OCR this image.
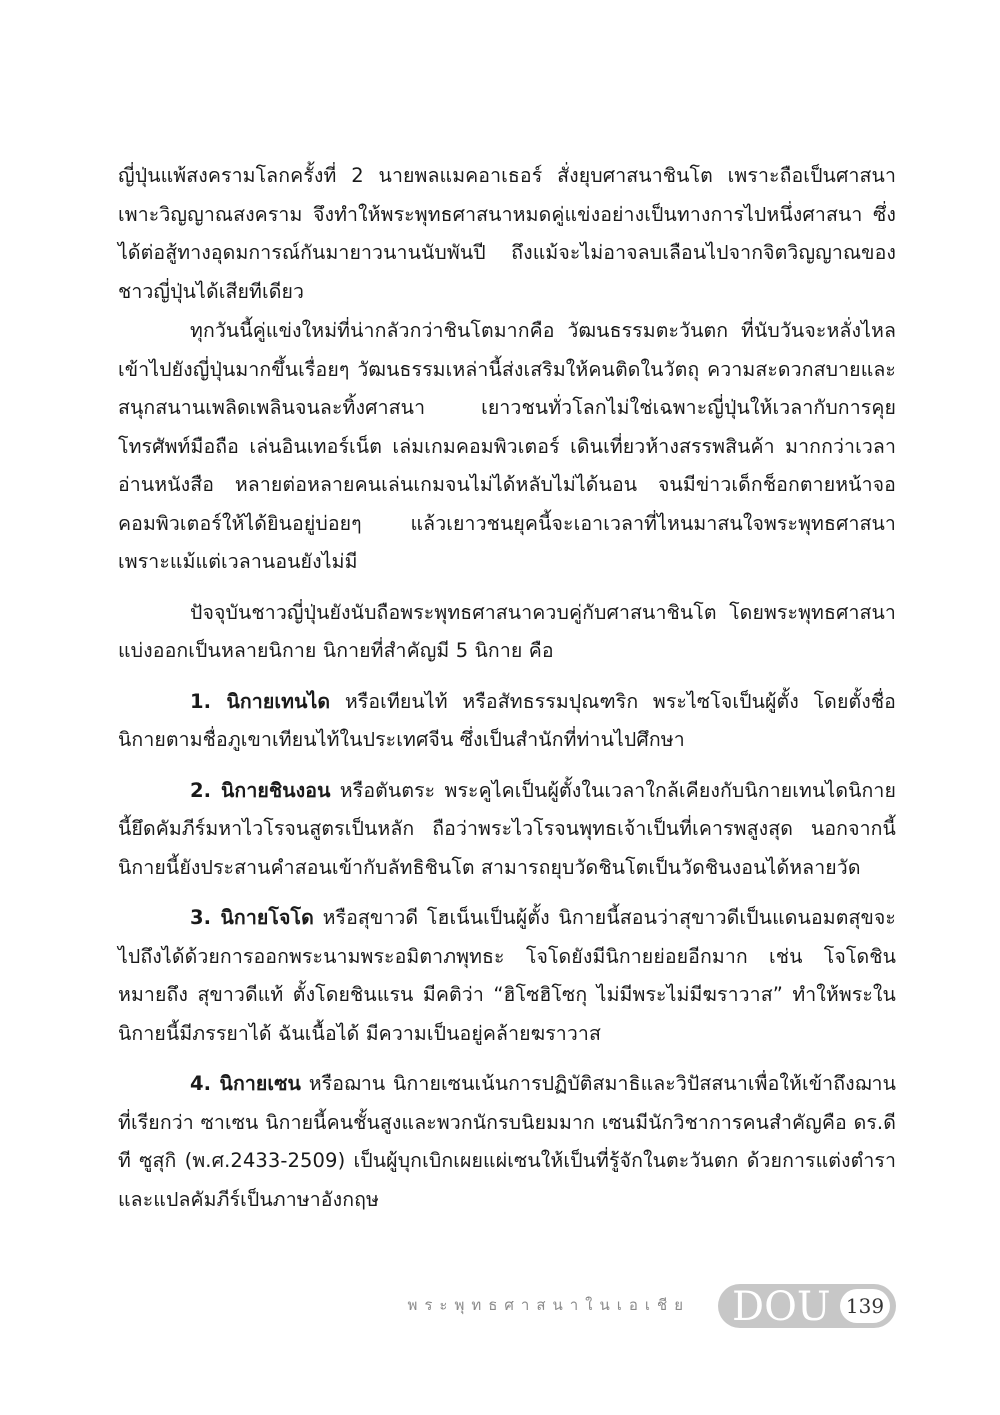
ญี่ปุ่นแพ้สงครามโลกครั้งที่ 2 นายพลแมคอาเธอร์ สั่งยุบศาสนาชินโต เพราะถือเป็นศาสนาเพาะวิญญาณสงคราม จึงทำให้พระพุทธศาสนาหมดคู่แข่งอย่างเป็นทางการไปหนึ่งศาสนา ซึ่งได้ต่อสู้ทางอุดมการณ์กันมายาวนานนับพันปี ถึงแม้จะไม่อาจลบเลือนไปจากจิตวิญญาณของชาวญี่ปุ่นได้เสียทีเดียว

ทุกวันนี้คู่แข่งใหม่ที่น่ากลัวกว่าชินโตมากคือ วัฒนธรรมตะวันตก ที่นับวันจะหลั่งไหลเข้าไปยังญี่ปุ่นมากขึ้นเรื่อยๆ วัฒนธรรมเหล่านี้ส่งเสริมให้คนติดในวัตถุ ความสะดวกสบายและสนุกสนานเพลิดเพลินจนละทิ้งศาสนา เยาวชนทั่วโลกไม่ใช่เฉพาะญี่ปุ่นให้เวลากับการคุยโทรศัพท์มือถือ เล่นอินเทอร์เน็ต เล่มเกมคอมพิวเตอร์ เดินเที่ยวห้างสรรพสินค้า มากกว่าเวลาอ่านหนังสือ หลายต่อหลายคนเล่นเกมจนไม่ได้หลับไม่ได้นอน จนมีข่าวเด็กช็อกตายหน้าจอคอมพิวเตอร์ให้ได้ยินอยู่บ่อยๆ แล้วเยาวชนยุคนี้จะเอาเวลาที่ไหนมาสนใจพระพุทธศาสนาเพราะแม้แต่เวลานอนยังไม่มี

ปัจจุบันชาวญี่ปุ่นยังนับถือพระพุทธศาสนาควบคู่กับศาสนาชินโต โดยพระพุทธศาสนาแบ่งออกเป็นหลายนิกาย นิกายที่สำคัญมี 5 นิกาย คือ

1. นิกายเทนได หรือเทียนไท้ หรือสัทธรรมปุณฑริก พระไซโจเป็นผู้ตั้ง โดยตั้งชื่อนิกายตามชื่อภูเขาเทียนไท้ในประเทศจีน ซึ่งเป็นสำนักที่ท่านไปศึกษา

2. นิกายชินงอน หรือตันตระ พระคูไคเป็นผู้ตั้งในเวลาใกล้เคียงกับนิกายเทนไดนิกายนี้ยึดคัมภีร์มหาไวโรจนสูตรเป็นหลัก ถือว่าพระไวโรจนพุทธเจ้าเป็นที่เคารพสูงสุด นอกจากนี้ นิกายนี้ยังประสานคำสอนเข้ากับลัทธิชินโต สามารถยุบวัดชินโตเป็นวัดชินงอนได้หลายวัด

3. นิกายโจโด หรือสุขาวดี โฮเน็นเป็นผู้ตั้ง นิกายนี้สอนว่าสุขาวดีเป็นแดนอมตสุขจะไปถึงได้ด้วยการออกพระนามพระอมิตาภพุทธะ โจโดยังมีนิกายย่อยอีกมาก เช่น โจโดชินหมายถึง สุขาวดีแท้ ตั้งโดยชินแรน มีคติว่า “ฮิโซฮิโซกุ ไม่มีพระไม่มีฆราวาส” ทำให้พระในนิกายนี้มีภรรยาได้ ฉันเนื้อได้ มีความเป็นอยู่คล้ายฆราวาส

4. นิกายเซน หรือฌาน นิกายเซนเน้นการปฏิบัติสมาธิและวิปัสสนาเพื่อให้เข้าถึงฌานที่เรียกว่า ซาเซน นิกายนี้คนชั้นสูงและพวกนักรบนิยมมาก เซนมีนักวิชาการคนสำคัญคือ ดร.ดี ที ซูสุกิ (พ.ศ.2433-2509) เป็นผู้บุกเบิกเผยแผ่เซนให้เป็นที่รู้จักในตะวันตก ด้วยการแต่งตำราและแปลคัมภีร์เป็นภาษาอังกฤษ

พระพุทธศาสนาในเอเชีย DOU 139
